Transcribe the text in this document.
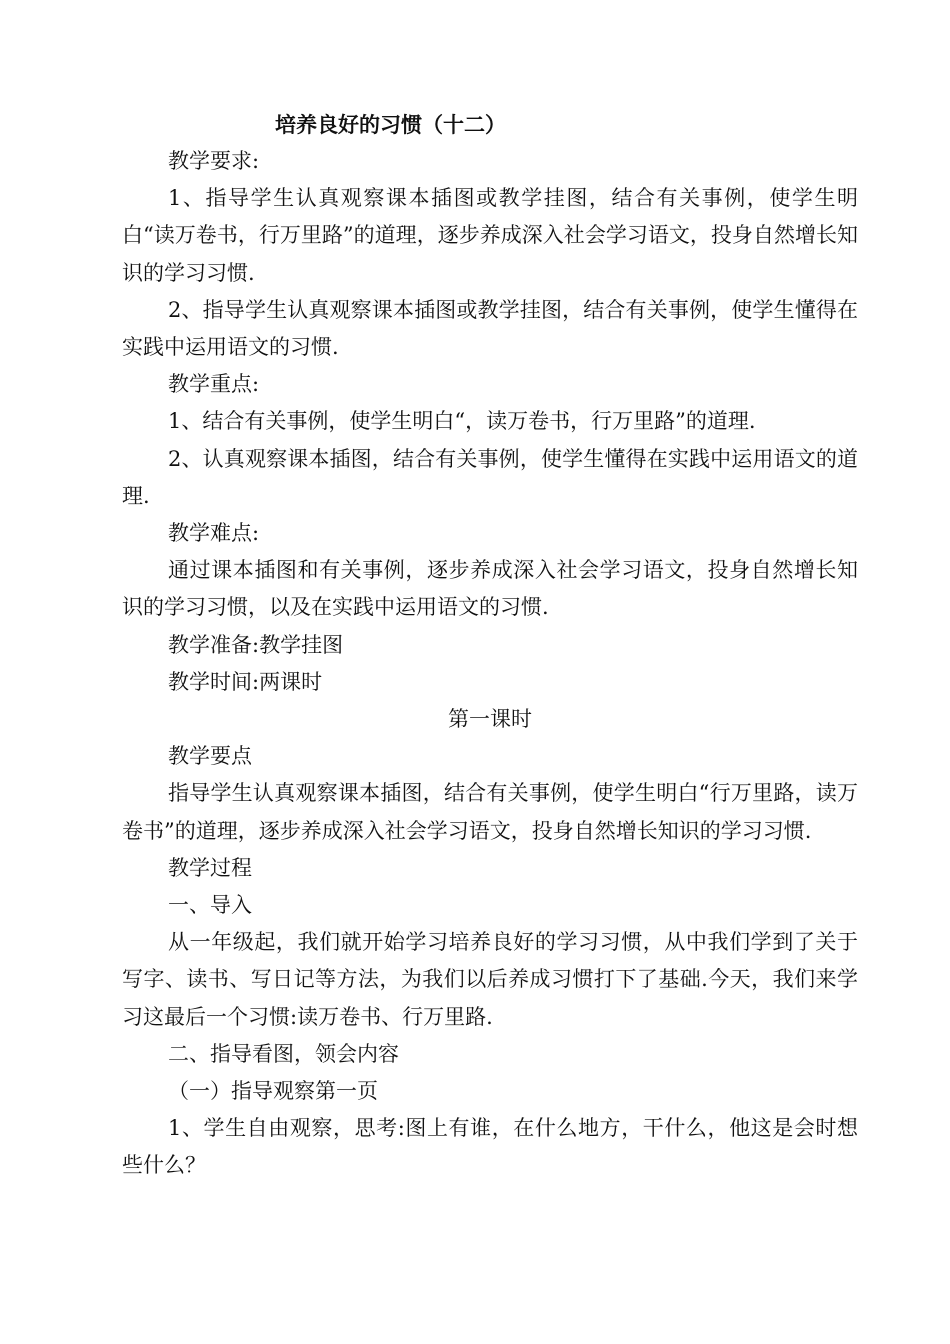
培养良好的习惯（十二）

教学要求:

1、指导学生认真观察课本插图或教学挂图，结合有关事例，使学生明白“读万卷书，行万里路”的道理，逐步养成深入社会学习语文，投身自然增长知识的学习习惯.

2、指导学生认真观察课本插图或教学挂图，结合有关事例，使学生懂得在实践中运用语文的习惯.

教学重点:

1、结合有关事例，使学生明白“，读万卷书，行万里路”的道理.

2、认真观察课本插图，结合有关事例，使学生懂得在实践中运用语文的道理.

教学难点:

通过课本插图和有关事例，逐步养成深入社会学习语文，投身自然增长知识的学习习惯，以及在实践中运用语文的习惯.

教学准备:教学挂图

教学时间:两课时

第一课时

教学要点

指导学生认真观察课本插图，结合有关事例，使学生明白“行万里路，读万卷书”的道理，逐步养成深入社会学习语文，投身自然增长知识的学习习惯.

教学过程

一、导入

从一年级起，我们就开始学习培养良好的学习习惯，从中我们学到了关于写字、读书、写日记等方法，为我们以后养成习惯打下了基础.今天，我们来学习这最后一个习惯:读万卷书、行万里路.

二、指导看图，领会内容

（一）指导观察第一页

1、学生自由观察，思考:图上有谁，在什么地方，干什么，他这是会时想些什么？
